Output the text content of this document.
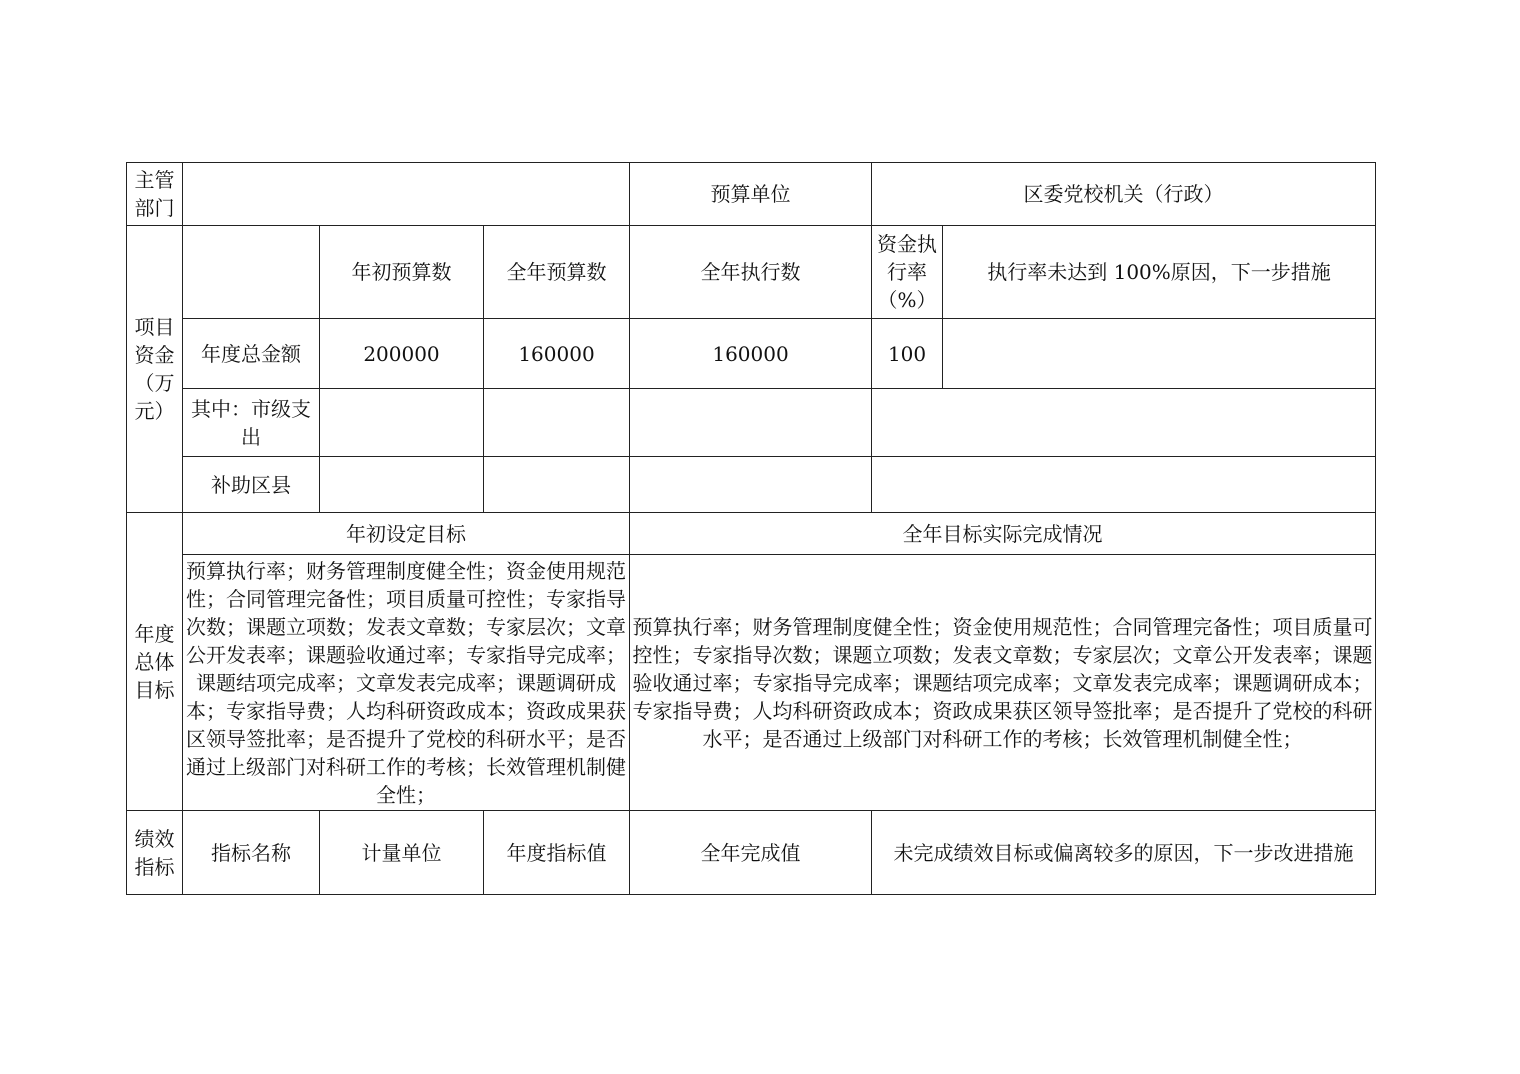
主管部门				预算单位	区委党校机关（行政）	
项目资金（万元）		年初预算数	全年预算数	全年执行数	资金执行率（%）	执行率未达到 100%原因，下一步措施
	年度总金额	200000	160000	160000	100	
	其中：市级支出					
	补助区县					
年度总体目标	年初设定目标			全年目标实际完成情况		
	预算执行率；财务管理制度健全性；资金使用规范性；合同管理完备性；项目质量可控性；专家指导次数；课题立项数；发表文章数；专家层次；文章公开发表率；课题验收通过率；专家指导完成率；课题结项完成率；文章发表完成率；课题调研成本；专家指导费；人均科研资政成本；资政成果获区领导签批率；是否提升了党校的科研水平；是否通过上级部门对科研工作的考核；长效管理机制健全性；			预算执行率；财务管理制度健全性；资金使用规范性；合同管理完备性；项目质量可控性；专家指导次数；课题立项数；发表文章数；专家层次；文章公开发表率；课题验收通过率；专家指导完成率；课题结项完成率；文章发表完成率；课题调研成本；专家指导费；人均科研资政成本；资政成果获区领导签批率；是否提升了党校的科研水平；是否通过上级部门对科研工作的考核；长效管理机制健全性；		
绩效指标	指标名称	计量单位	年度指标值	全年完成值	未完成绩效目标或偏离较多的原因，下一步改进措施	
